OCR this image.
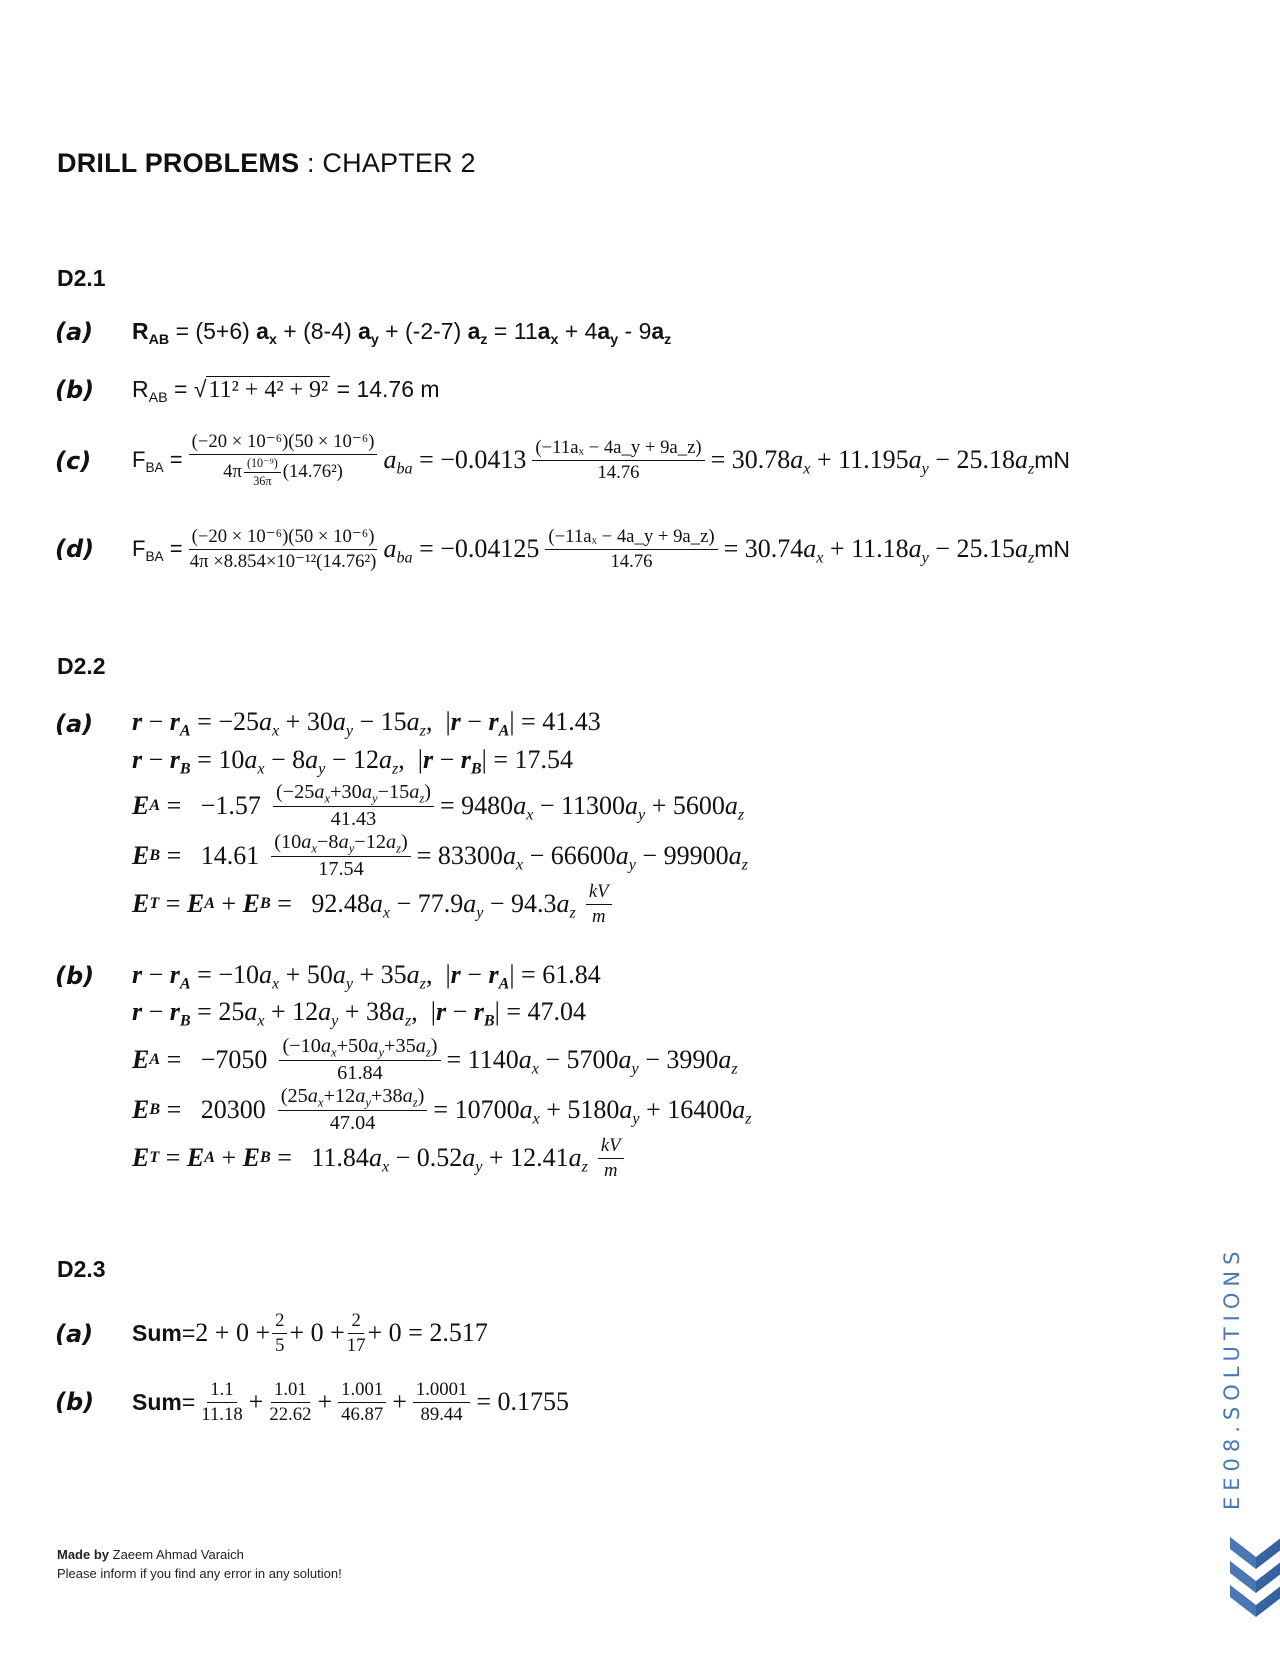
DRILL PROBLEMS : CHAPTER 2
D2.1
(a) $R_{AB} = (5+6) a_x + (8-4) a_y + (-2-7) a_z = 11a_x + 4a_y - 9a_z$
(b) $R_{AB} = √11^2 + 4^2 + 9^2 = 14.76$ m
(c) $F_{BA} = \frac{\text{(−20 × 10⁻⁶)(50 × 10⁻⁶)}}{4\pi \frac{\text{(10⁻⁹)}}{36\pi} (14.76^2)} a_{ba} = -0.0413 \frac{\text{(−11aₓ − 4a\_y + 9a\_z)}}{14.76} = 30.78a_x + 11.195a_y - 25.18a_z$ mN
(d) $F_{BA} = \frac{\text{(−20 × 10⁻⁶)(50 × 10⁻⁶)}}{\text{4π ×8.854×10⁻¹²(14.76²)}} a_{ba} = -0.04125 \frac{\text{(−11aₓ − 4a\_y + 9a\_z)}}{14.76} = 30.74a_x + 11.18a_y - 25.15a_z$ mN
D2.2
(a) $r - r_A = -25a_x + 30a_y - 15a_z$,  $|r - r_A| = 41.43$
$r - r_B = 10a_x - 8a_y - 12a_z$,  $|r - r_B| = 17.54$
E $A = -1.57 \frac{(-25a_x+30a_y-15a_z)}{41.43} = 9480a_x - 11300a_y + 5600a_z$
E $B = 14.61 \frac{(10a_x-8a_y-12a_z)}{17.54} = 83300a_x - 66600a_y - 99900a_z$
E T = E A + E $B = 92.48a_x - 77.9a_y - 94.3a_z \frac{kV}{m}$
(b) $r - r_A = -10a_x + 50a_y + 35a_z$,  $|r - r_A| = 61.84$
$r - r_B = 25a_x + 12a_y + 38a_z$,  $|r - r_B| = 47.04$
E $A = -7050 \frac{(-10a_x+50a_y+35a_z)}{61.84} = 1140a_x - 5700a_y - 3990a_z$
E $B = 20300 \frac{(25a_x+12a_y+38a_z)}{47.04} = 10700a_x + 5180a_y + 16400a_z$
E T = E A + E $B = 11.84a_x - 0.52a_y + 12.41a_z \frac{kV}{m}$
D2.3
(a) Sum = $2 + 0 + \frac{2}{5} + 0 + \frac{2}{17} + 0 = 2.517$
(b) Sum = $\frac{1.1}{11.18} + \frac{1.01}{22.62} + \frac{1.001}{46.87} + \frac{1.0001}{89.44} = 0.1755$
Made by Zaeem Ahmad Varaich
Please inform if you find any error in any solution!
EE08.SOLUTIONS
